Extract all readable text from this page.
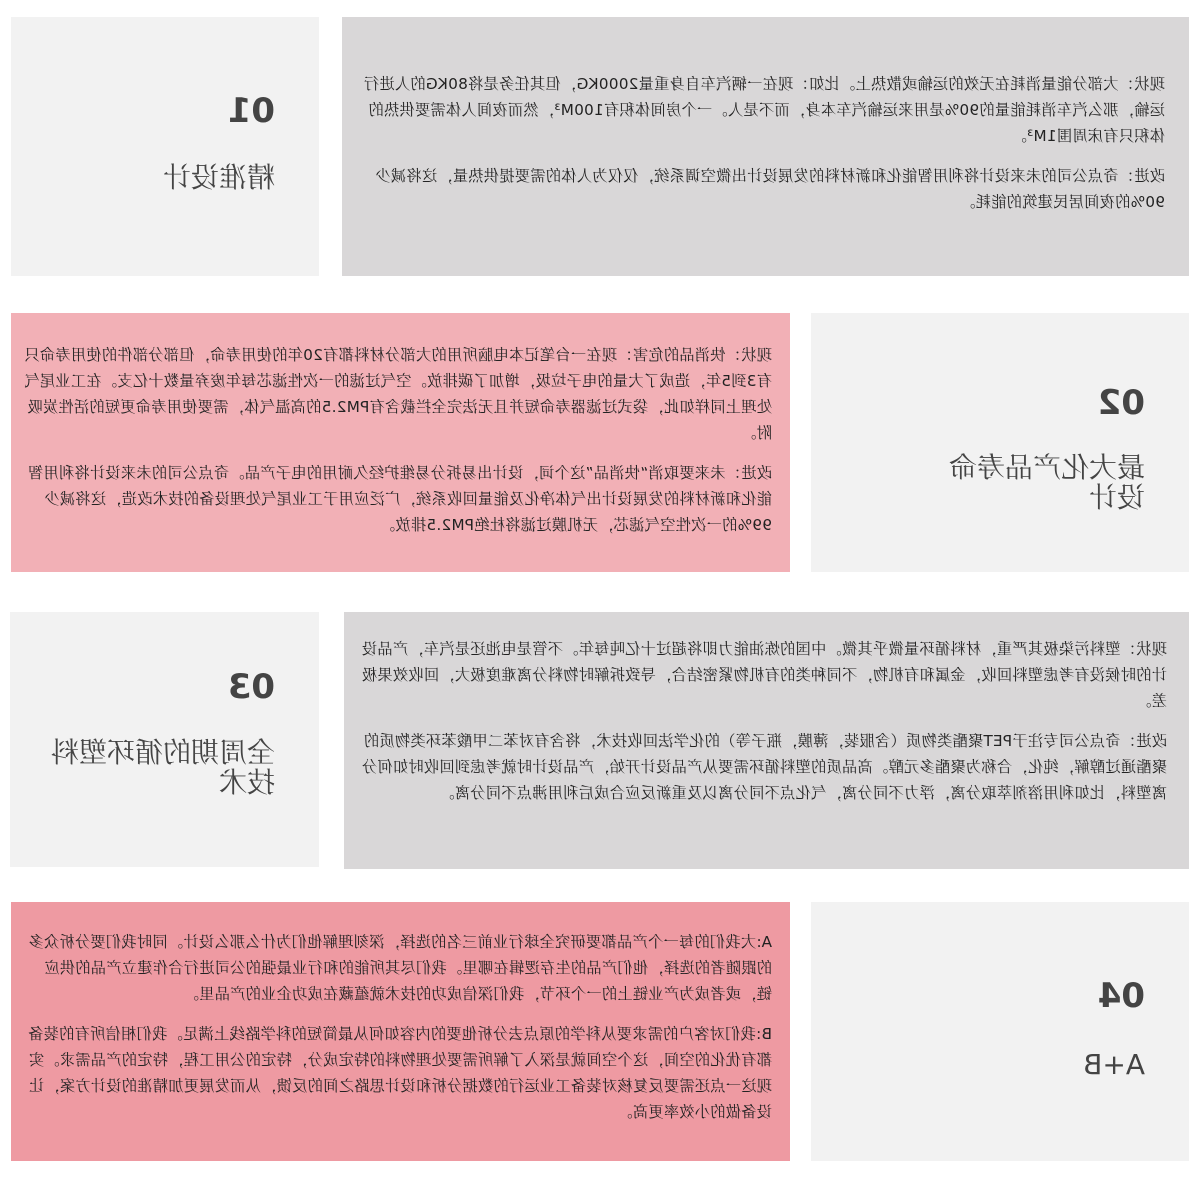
01
精准设计

现状：大部分能量消耗在无效的运输或散热上。比如：现在一辆汽车自身重量2000KG，但其任务是将80KG的人进行运输，那么汽车消耗能量的90%是用来运输汽车本身，而不是人。一个房间体积有100M³，然而夜间人体需要供热的体积只有床周围1M³。

改进：奇点公司的未来设计将利用智能化和新材料的发展设计出微空调系统，仅仅为人体的需要提供热量，这将减少90%的夜间居民建筑的能耗。

02
最大化产品寿命设计

现状：快消品的危害：现在一台笔记本电脑所用的大部分材料都有20年的使用寿命，但部分部件的使用寿命只有3到5年，造成了大量的电子垃圾，增加了碳排放。空气过滤的一次性滤芯每年废弃量数十亿支。在工业尾气处理上同样如此，袋式过滤器寿命短并且无法完全拦截含有PM2.5的高温气体，需要使用寿命更短的活性炭吸附。

改进：未来要取消“快消品”这个词，设计出易拆分易维护经久耐用的电子产品。奇点公司的未来设计将利用智能化和新材料的发展设计出气体净化及能量回收系统，广泛应用于工业尾气处理设备的技术改造，这将减少99%的一次性空气滤芯，无机膜过滤将杜绝PM2.5排放。

03
全周期的循环塑料技术

现状：塑料污染极其严重，材料循环量微乎其微。中国的炼油能力即将超过十亿吨每年。不管是电池还是汽车，产品设计的时候没有考虑塑料回收，金属和有机物，不同种类的有机物紧密结合，导致拆解时物料分离难度极大，回收效果极差。

改进：奇点公司专注于PET聚酯类物质（含服装，薄膜，瓶子等）的化学法回收技术，将含有对苯二甲酸苯环类物质的聚酯通过醇解，纯化，合称为聚酯多元醇。高品质的塑料循环需要从产品设计开始，产品设计时就考虑到回收时如何分离塑料，比如利用溶剂萃取分离，浮力不同分离，气化点不同分离以及重新反应合成后利用沸点不同分离。

04
A+B

A:大我们的每一个产品都要研究全球行业前三名的选择，深刻理解他们为什么那么设计。同时我们要分析众多的跟随者的选择，他们产品的生存逻辑在哪里。我们尽其所能的和行业最强的公司进行合作建立产品的供应链，或者成为产业链上的一个环节，我们深信成功的技术就蕴藏在成功企业的产品里。

B:我们对客户的需求要从科学的原点去分析他要的内容如何从最简短的科学路线上满足。我们相信所有的装备都有优化的空间，这个空间就是深入了解所需要处理物料的特定成分，特定的公用工程，特定的产品需求。实现这一点还需要反复核对装备工业运行的数据分析和设计思路之间的反馈，从而发展更加精准的设计方案，让设备做的小效率更高。
